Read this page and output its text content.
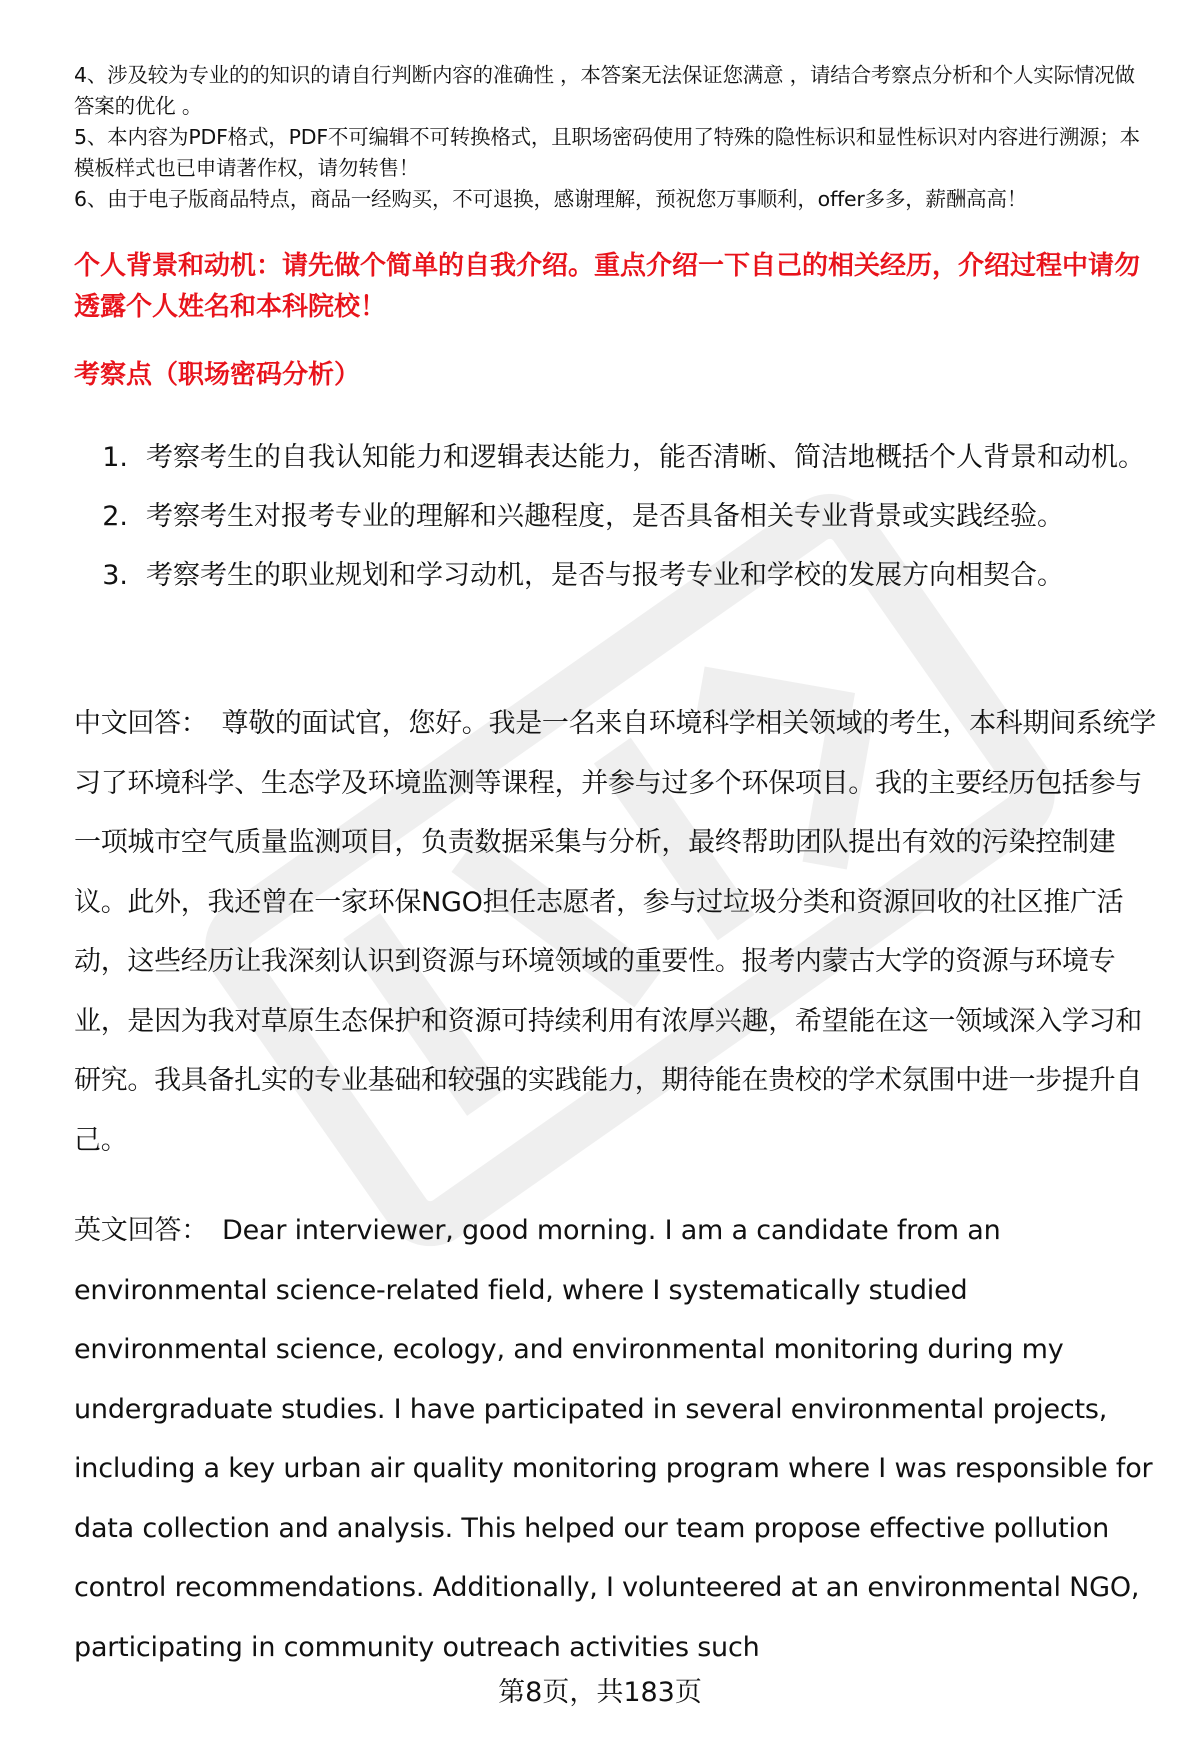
4、涉及较为专业的的知识的请自行判断内容的准确性 ，本答案无法保证您满意 ，请结合考察点分析和个人实际情况做答案的优化 。

5、本内容为PDF格式，PDF不可编辑不可转换格式，且职场密码使用了特殊的隐性标识和显性标识对内容进行溯源；本模板样式也已申请著作权，请勿转售！

6、由于电子版商品特点，商品一经购买，不可退换，感谢理解，预祝您万事顺利，offer多多，薪酬高高！

个人背景和动机：请先做个简单的自我介绍。重点介绍一下自己的相关经历，介绍过程中请勿透露个人姓名和本科院校！

考察点（职场密码分析）

1. 考察考生的自我认知能力和逻辑表达能力，能否清晰、简洁地概括个人背景和动机。
2. 考察考生对报考专业的理解和兴趣程度，是否具备相关专业背景或实践经验。
3. 考察考生的职业规划和学习动机，是否与报考专业和学校的发展方向相契合。

中文回答： 尊敬的面试官，您好。我是一名来自环境科学相关领域的考生，本科期间系统学习了环境科学、生态学及环境监测等课程，并参与过多个环保项目。我的主要经历包括参与一项城市空气质量监测项目，负责数据采集与分析，最终帮助团队提出有效的污染控制建议。此外，我还曾在一家环保NGO担任志愿者，参与过垃圾分类和资源回收的社区推广活动，这些经历让我深刻认识到资源与环境领域的重要性。报考内蒙古大学的资源与环境专业，是因为我对草原生态保护和资源可持续利用有浓厚兴趣，希望能在这一领域深入学习和研究。我具备扎实的专业基础和较强的实践能力，期待能在贵校的学术氛围中进一步提升自己。

英文回答： Dear interviewer, good morning. I am a candidate from an environmental science-related field, where I systematically studied environmental science, ecology, and environmental monitoring during my undergraduate studies. I have participated in several environmental projects, including a key urban air quality monitoring program where I was responsible for data collection and analysis. This helped our team propose effective pollution control recommendations. Additionally, I volunteered at an environmental NGO, participating in community outreach activities such

第8页，共183页
